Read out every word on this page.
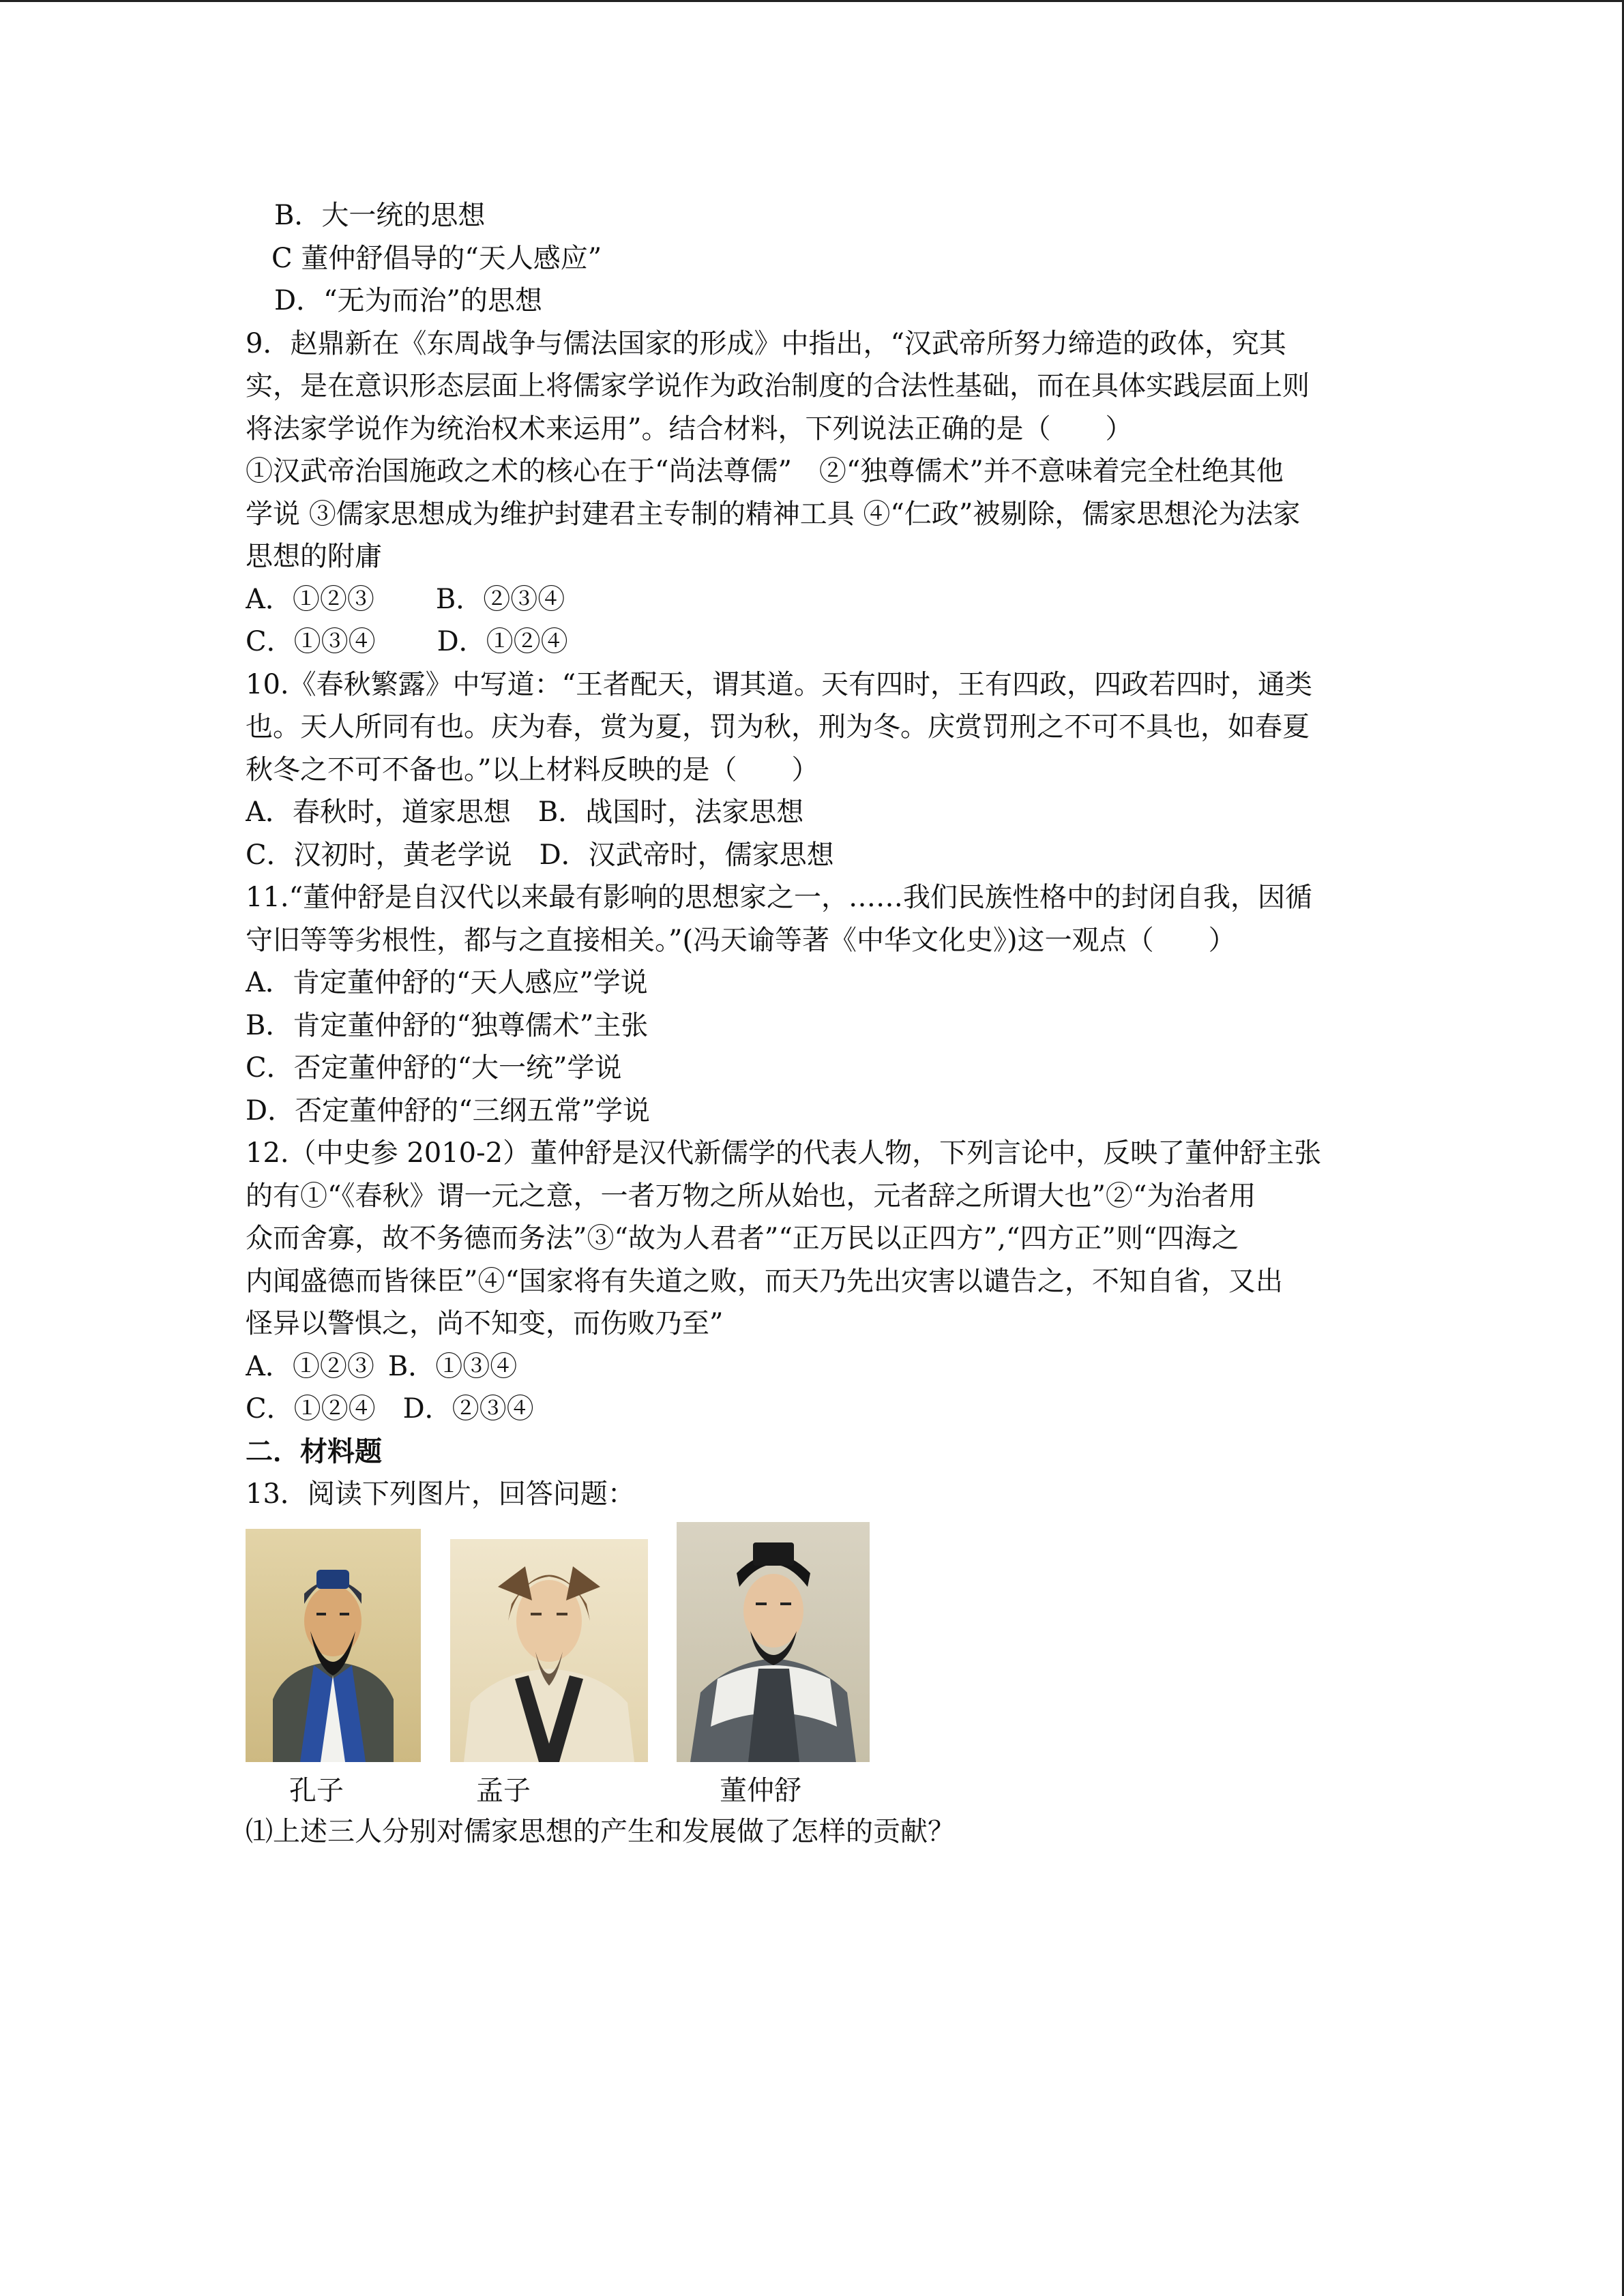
B．大一统的思想
C 董仲舒倡导的“天人感应”
D．“无为而治”的思想
9．赵鼎新在《东周战争与儒法国家的形成》中指出，“汉武帝所努力缔造的政体，究其
实，是在意识形态层面上将儒家学说作为政治制度的合法性基础，而在具体实践层面上则
将法家学说作为统治权术来运用”。结合材料，下列说法正确的是（　　）
①汉武帝治国施政之术的核心在于“尚法尊儒”　②“独尊儒术”并不意味着完全杜绝其他
学说 ③儒家思想成为维护封建君主专制的精神工具 ④“仁政”被剔除，儒家思想沦为法家
思想的附庸
A．①②③ B．②③④
C．①③④ D．①②④
10.《春秋繁露》中写道：“王者配天，谓其道。天有四时，王有四政，四政若四时，通类
也。天人所同有也。庆为春，赏为夏，罚为秋，刑为冬。庆赏罚刑之不可不具也，如春夏
秋冬之不可不备也。”以上材料反映的是（　　）
A．春秋时，道家思想 B．战国时，法家思想
C．汉初时，黄老学说 D．汉武帝时，儒家思想
11.“董仲舒是自汉代以来最有影响的思想家之一，……我们民族性格中的封闭自我，因循
守旧等等劣根性，都与之直接相关。”(冯天谕等著《中华文化史》)这一观点（　　）
A．肯定董仲舒的“天人感应”学说
B．肯定董仲舒的“独尊儒术”主张
C．否定董仲舒的“大一统”学说
D．否定董仲舒的“三纲五常”学说
12.（中史参 2010-2）董仲舒是汉代新儒学的代表人物，下列言论中，反映了董仲舒主张
的有①“《春秋》谓一元之意，一者万物之所从始也，元者辞之所谓大也”②“为治者用
众而舍寡，故不务德而务法”③“故为人君者”“正万民以正四方”,“四方正”则“四海之
内闻盛德而皆徕臣”④“国家将有失道之败，而天乃先出灾害以谴告之，不知自省，又出
怪异以警惧之，尚不知变，而伤败乃至”
A．①②③ B．①③④
C．①②④ D．②③④
二．材料题
13．阅读下列图片，回答问题：
孔子	孟子	董仲舒
⑴上述三人分别对儒家思想的产生和发展做了怎样的贡献？
